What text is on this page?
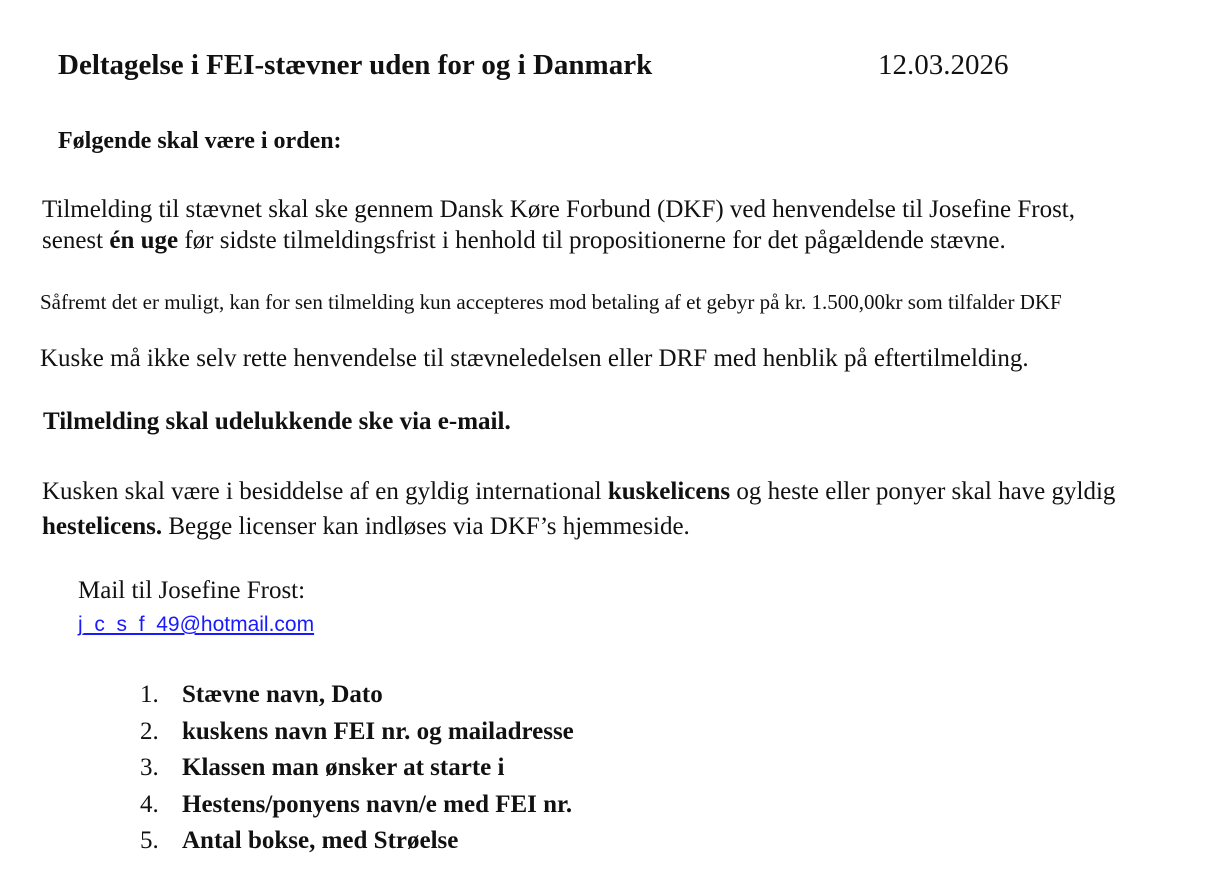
Deltagelse i FEI-stævner uden for og i Danmark	12.03.2026
Følgende skal være i orden:
Tilmelding til stævnet skal ske gennem Dansk Køre Forbund (DKF) ved henvendelse til Josefine Frost, senest én uge før sidste tilmeldingsfrist i henhold til propositionerne for det pågældende stævne.
Såfremt det er muligt, kan for sen tilmelding kun accepteres mod betaling af et gebyr på kr. 1.500,00kr som tilfalder DKF
Kuske må ikke selv rette henvendelse til stævneledelsen eller DRF med henblik på eftertilmelding.
Tilmelding skal udelukkende ske via e-mail.
Kusken skal være i besiddelse af en gyldig international kuskelicens og heste eller ponyer skal have gyldig hestelicens. Begge licenser kan indløses via DKF’s hjemmeside.
Mail til Josefine Frost:
j_c_s_f_49@hotmail.com
1. Stævne navn, Dato
2. kuskens navn FEI nr. og mailadresse
3. Klassen man ønsker at starte i
4. Hestens/ponyens navn/e med FEI nr.
5. Antal bokse, med Strøelse
